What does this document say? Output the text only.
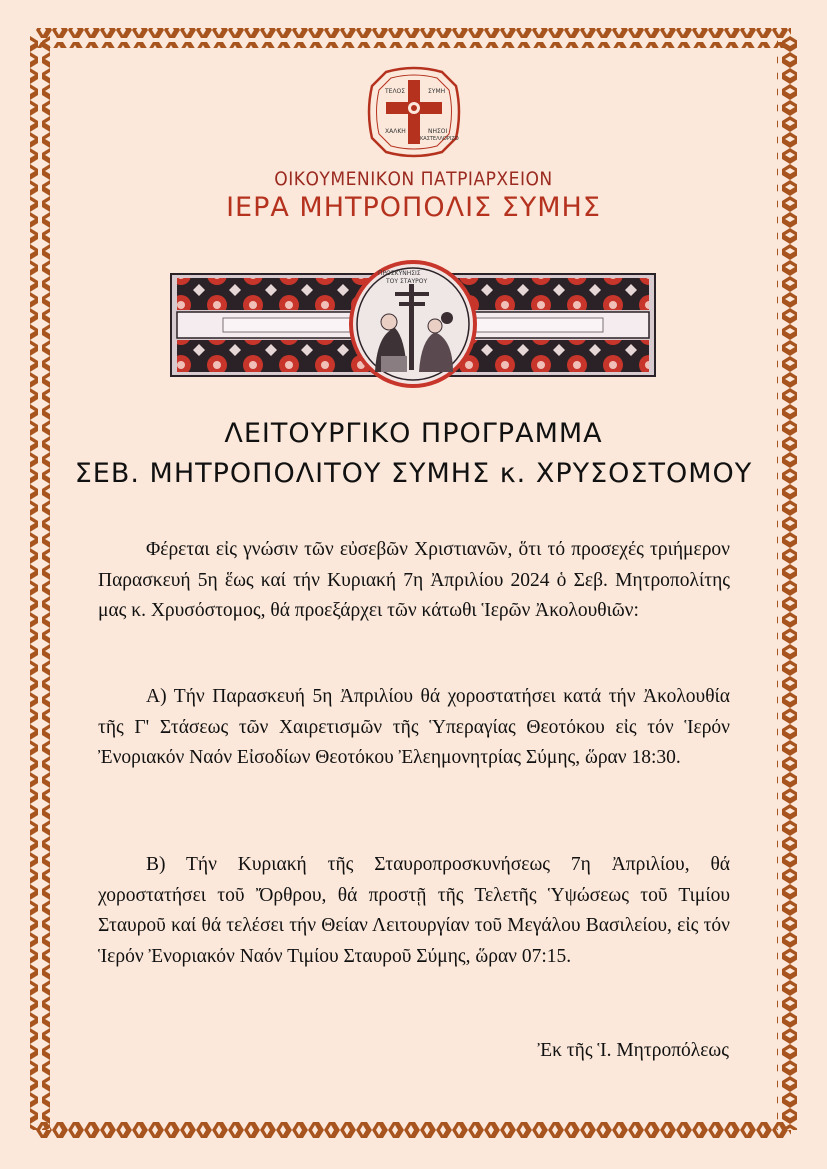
ΤΕΛΟΣ	ΣΥΜΗ
ΧΑΛΚΗ	ΝΗΣΟΙ
ΚΑΣΤΕΛΛΟΡΙΖΟ
ΟΙΚΟΥΜΕΝΙΚΟΝ ΠΑΤΡΙΑΡΧΕΙΟΝ
ΙΕΡΑ ΜΗΤΡΟΠΟΛΙΣ ΣΥΜΗΣ
ΠΡΟΣΚΥΝΗΣΙΣ
ΤΟΥ ΣΤΑΥΡΟΥ
ΛΕΙΤΟΥΡΓΙΚΟ ΠΡΟΓΡΑΜΜΑ
ΣΕΒ. ΜΗΤΡΟΠΟΛΙΤΟΥ ΣΥΜΗΣ κ. ΧΡΥΣΟΣΤΟΜΟΥ

Φέρεται εἰς γνώσιν τῶν εὐσεβῶν Χριστιανῶν, ὅτι τό προσεχές τριήμερον Παρασκευή 5η ἕως καί τήν Κυριακή 7η Ἀπριλίου 2024 ὁ Σεβ. Μητροπολίτης μας κ. Χρυσόστομος, θά προεξάρχει τῶν κάτωθι Ἱερῶν Ἀκολουθιῶν:

Α) Τήν Παρασκευή 5η Ἀπριλίου θά χοροστατήσει κατά τήν Ἀκολουθία τῆς Γ' Στάσεως τῶν Χαιρετισμῶν τῆς Ὑπεραγίας Θεοτόκου εἰς τόν Ἱερόν Ἐνοριακόν Ναόν Εἰσοδίων Θεοτόκου Ἐλεημονητρίας Σύμης, ὥραν 18:30.

Β) Τήν Κυριακή τῆς Σταυροπροσκυνήσεως 7η Ἀπριλίου, θά χοροστατήσει τοῦ Ὄρθρου, θά προστῇ τῆς Τελετῆς Ὑψώσεως τοῦ Τιμίου Σταυροῦ καί θά τελέσει τήν Θείαν Λειτουργίαν τοῦ Μεγάλου Βασιλείου, εἰς τόν Ἱερόν Ἐνοριακόν Ναόν Τιμίου Σταυροῦ Σύμης, ὥραν 07:15.

Ἐκ τῆς Ἱ. Μητροπόλεως
